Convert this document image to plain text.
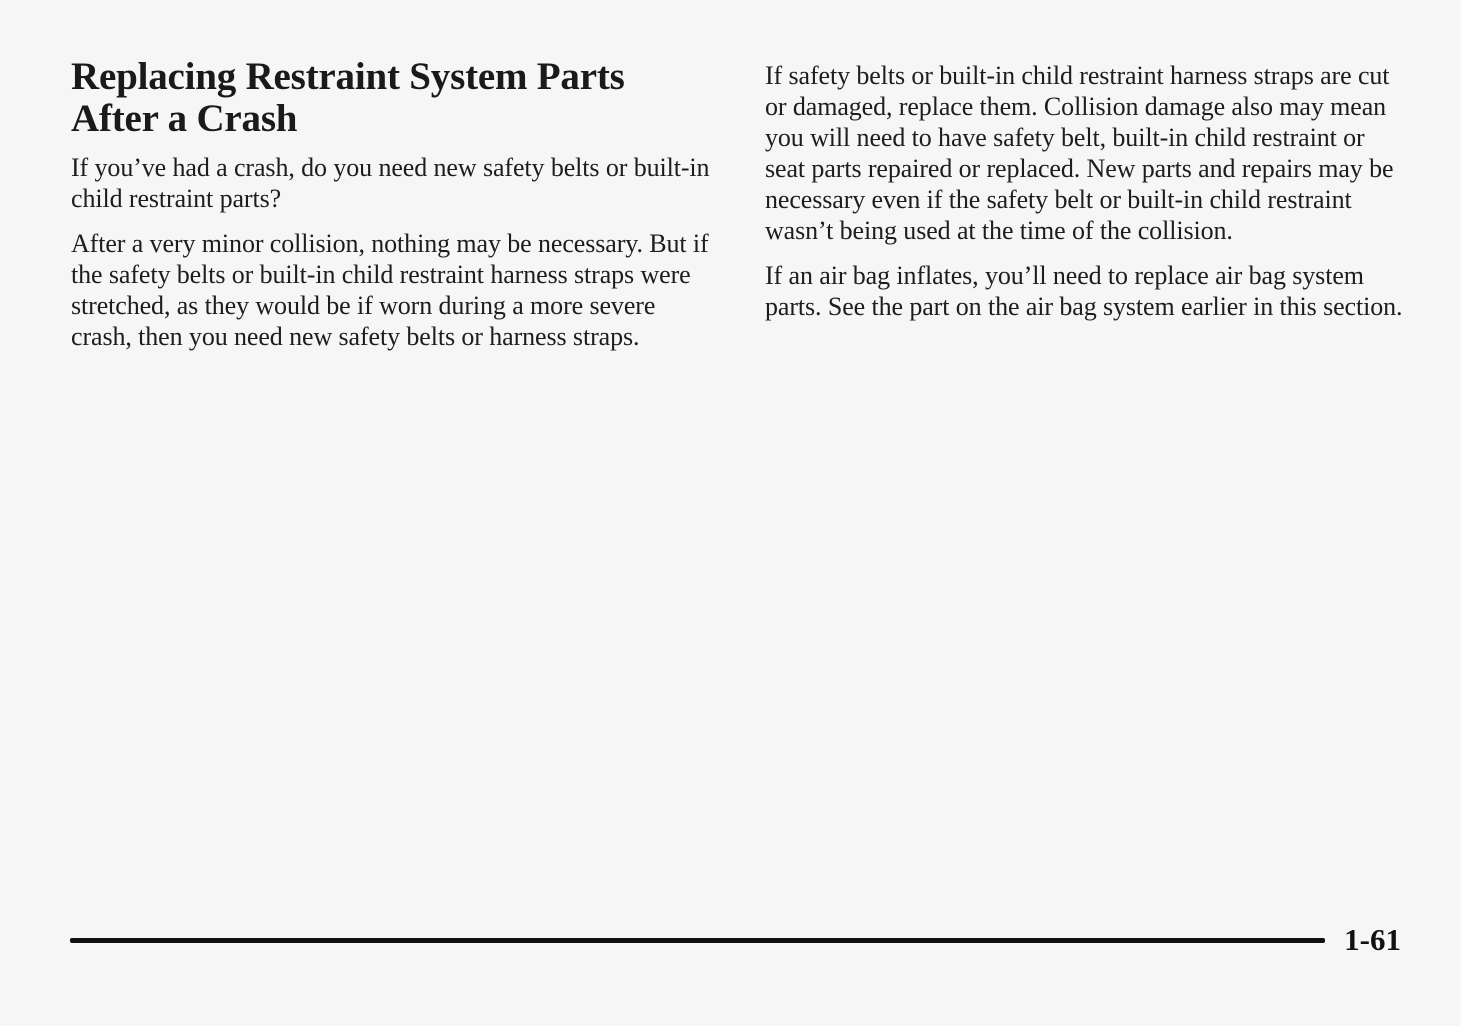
Replacing Restraint System Parts After a Crash

If you’ve had a crash, do you need new safety belts or built-in child restraint parts?

After a very minor collision, nothing may be necessary. But if the safety belts or built-in child restraint harness straps were stretched, as they would be if worn during a more severe crash, then you need new safety belts or harness straps.

If safety belts or built-in child restraint harness straps are cut or damaged, replace them. Collision damage also may mean you will need to have safety belt, built-in child restraint or seat parts repaired or replaced. New parts and repairs may be necessary even if the safety belt or built-in child restraint wasn’t being used at the time of the collision.

If an air bag inflates, you’ll need to replace air bag system parts. See the part on the air bag system earlier in this section.

1-61
